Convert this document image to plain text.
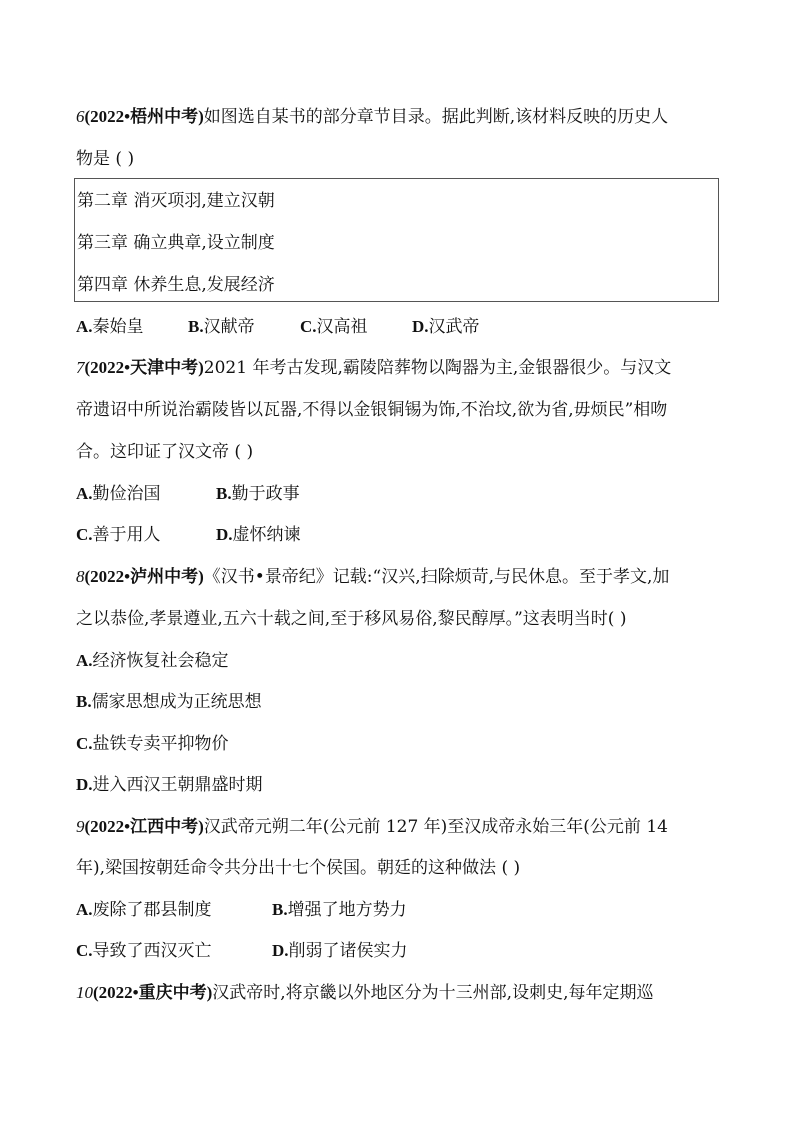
6(2022•梧州中考)如图选自某书的部分章节目录。据此判断,该材料反映的历史人
物是 ( )
第二章 消灭项羽,建立汉朝
第三章 确立典章,设立制度
第四章 休养生息,发展经济
A.秦始皇	B.汉献帝	C.汉高祖	D.汉武帝
7(2022•天津中考)2021 年考古发现,霸陵陪葬物以陶器为主,金银器很少。与汉文
帝遗诏中所说治霸陵皆以瓦器,不得以金银铜锡为饰,不治坟,欲为省,毋烦民”相吻
合。这印证了汉文帝 ( )
A.勤俭治国	B.勤于政事
C.善于用人	D.虚怀纳谏
8(2022•泸州中考)《汉书•景帝纪》记载:“汉兴,扫除烦苛,与民休息。至于孝文,加
之以恭俭,孝景遵业,五六十载之间,至于移风易俗,黎民醇厚。”这表明当时( )
A.经济恢复社会稳定
B.儒家思想成为正统思想
C.盐铁专卖平抑物价
D.进入西汉王朝鼎盛时期
9(2022•江西中考)汉武帝元朔二年(公元前 127 年)至汉成帝永始三年(公元前 14
年),梁国按朝廷命令共分出十七个侯国。朝廷的这种做法 ( )
A.废除了郡县制度	B.增强了地方势力
C.导致了西汉灭亡	D.削弱了诸侯实力
10(2022•重庆中考)汉武帝时,将京畿以外地区分为十三州部,设刺史,每年定期巡
